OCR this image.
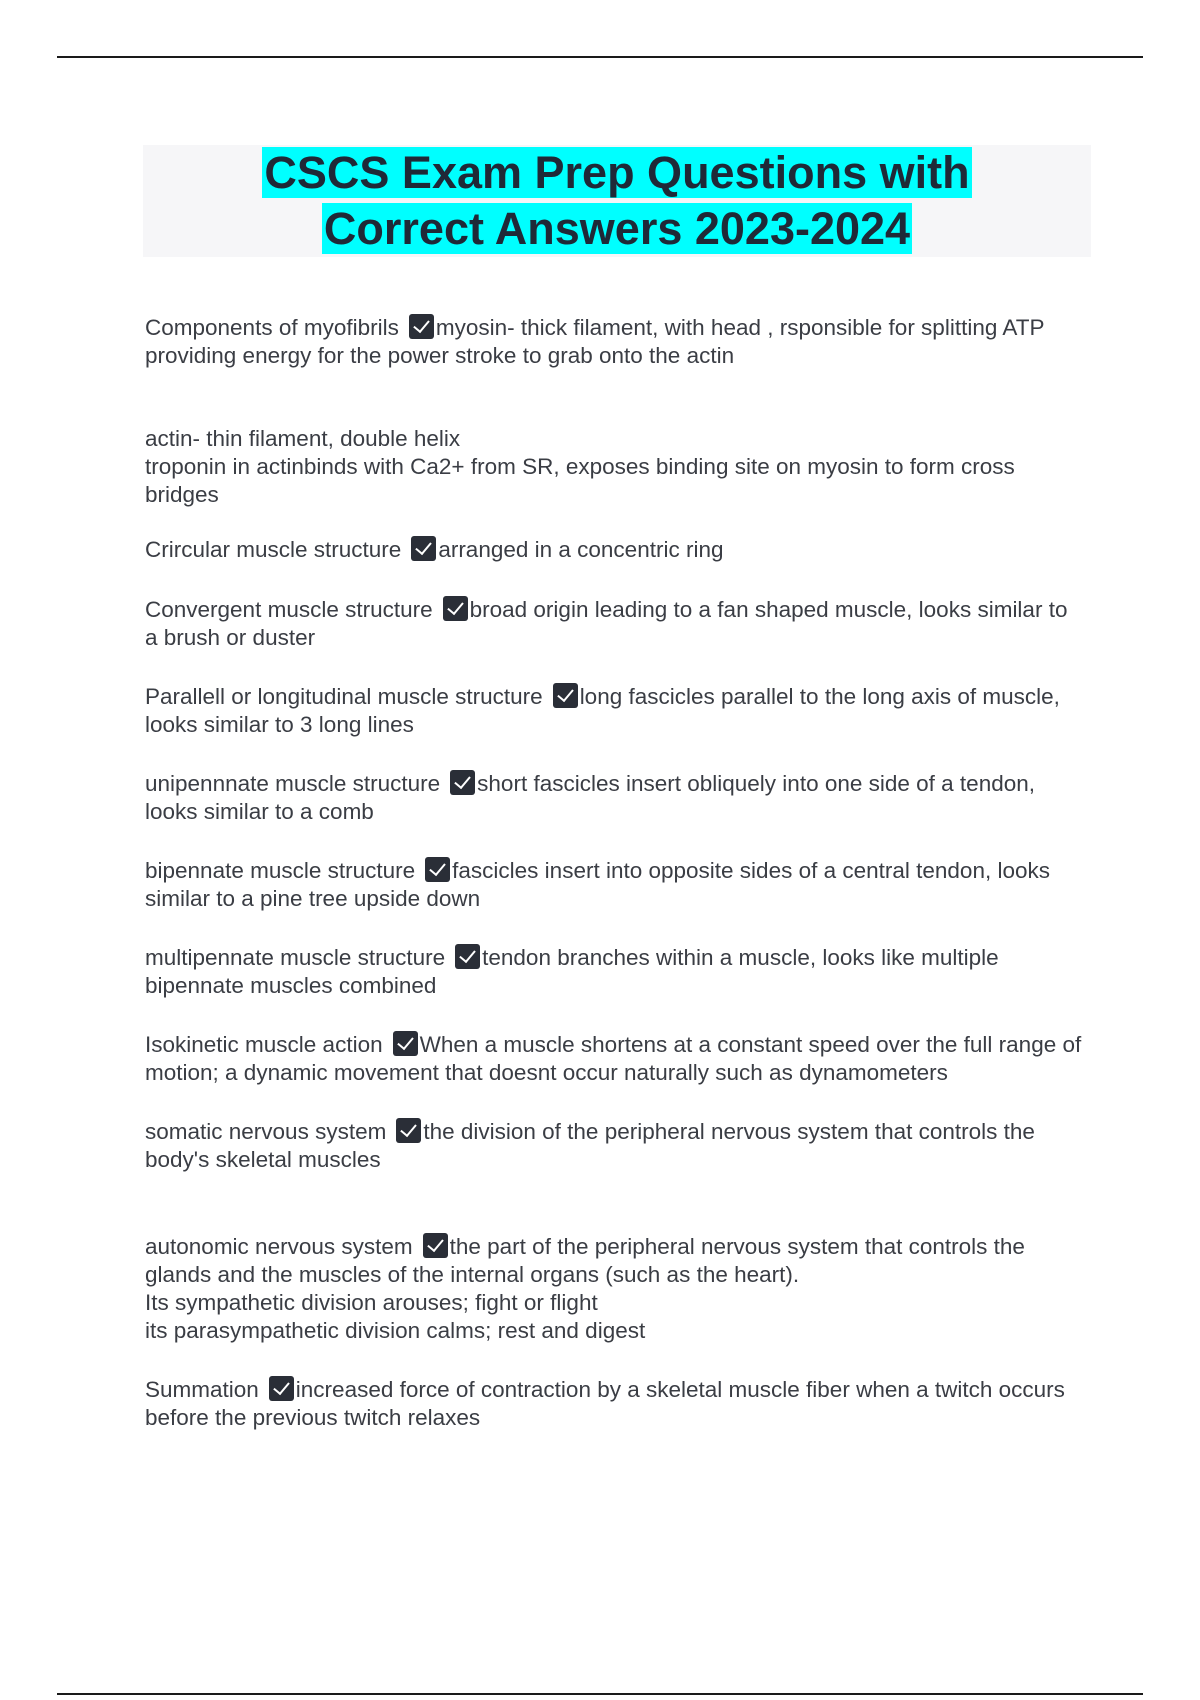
CSCS Exam Prep Questions with
Correct Answers 2023-2024

Components of myofibrils myosin- thick filament, with head , rsponsible for splitting ATP providing energy for the power stroke to grab onto the actin

actin- thin filament, double helix
troponin in actinbinds with Ca2+ from SR, exposes binding site on myosin to form cross bridges

Crircular muscle structure arranged in a concentric ring

Convergent muscle structure broad origin leading to a fan shaped muscle, looks similar to a brush or duster

Parallell or longitudinal muscle structure long fascicles parallel to the long axis of muscle, looks similar to 3 long lines

unipennnate muscle structure short fascicles insert obliquely into one side of a tendon, looks similar to a comb

bipennate muscle structure fascicles insert into opposite sides of a central tendon, looks similar to a pine tree upside down

multipennate muscle structure tendon branches within a muscle, looks like multiple bipennate muscles combined

Isokinetic muscle action When a muscle shortens at a constant speed over the full range of motion; a dynamic movement that doesnt occur naturally such as dynamometers

somatic nervous system the division of the peripheral nervous system that controls the body's skeletal muscles

autonomic nervous system the part of the peripheral nervous system that controls the glands and the muscles of the internal organs (such as the heart).
Its sympathetic division arouses; fight or flight
its parasympathetic division calms; rest and digest

Summation increased force of contraction by a skeletal muscle fiber when a twitch occurs before the previous twitch relaxes
